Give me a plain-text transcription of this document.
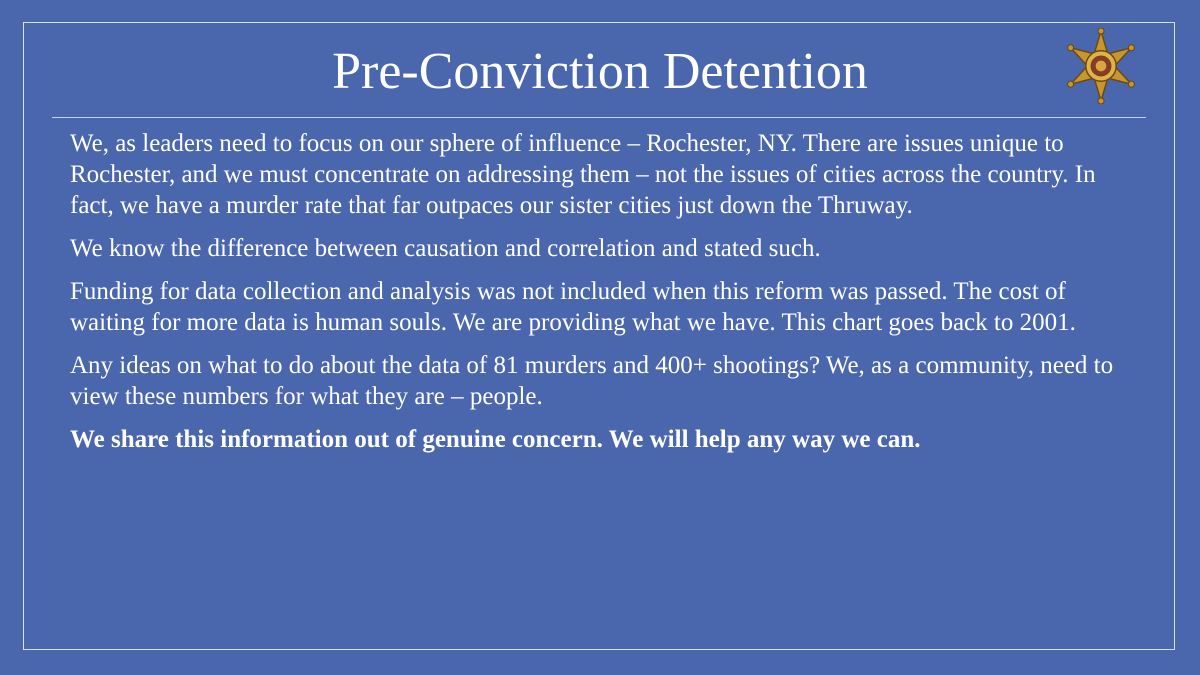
Pre-Conviction Detention

We, as leaders need to focus on our sphere of influence – Rochester, NY. There are issues unique to Rochester, and we must concentrate on addressing them – not the issues of cities across the country. In fact, we have a murder rate that far outpaces our sister cities just down the Thruway.

We know the difference between causation and correlation and stated such.

Funding for data collection and analysis was not included when this reform was passed. The cost of waiting for more data is human souls. We are providing what we have. This chart goes back to 2001.

Any ideas on what to do about the data of 81 murders and 400+ shootings? We, as a community, need to view these numbers for what they are – people.

We share this information out of genuine concern. We will help any way we can.
